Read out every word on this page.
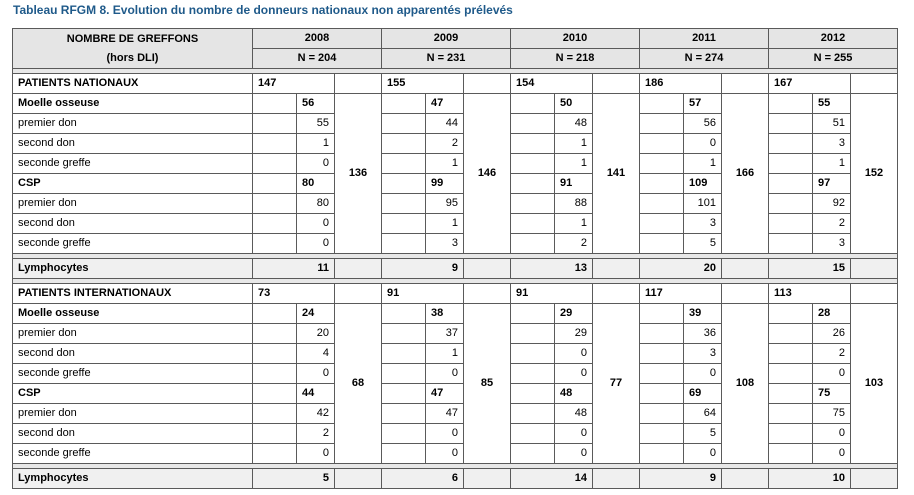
Tableau RFGM 8. Evolution du nombre de donneurs nationaux non apparentés prélevés
NOMBRE DE GREFFONS
(hors DLI)	2008			2009			2010			2011			2012		
	N = 204			N = 231			N = 218			N = 274			N = 255		

PATIENTS NATIONAUX	147			155			154			186			167		
Moelle osseuse		56	136		47	146		50	141		57	166		55	152
premier don		55			44			48			56			51	
second don		1			2			1			0			3	
seconde greffe		0			1			1			1			1	
CSP		80			99			91			109			97	
premier don		80			95			88			101			92	
second don		0			1			1			3			2	
seconde greffe		0			3			2			5			3	

Lymphocytes	11			9			13			20			15		

PATIENTS INTERNATIONAUX	73			91			91			117			113		
Moelle osseuse		24	68		38	85		29	77		39	108		28	103
premier don		20			37			29			36			26	
second don		4			1			0			3			2	
seconde greffe		0			0			0			0			0	
CSP		44			47			48			69			75	
premier don		42			47			48			64			75	
second don		2			0			0			5			0	
seconde greffe		0			0			0			0			0	

Lymphocytes	5			6			14			9			10		
